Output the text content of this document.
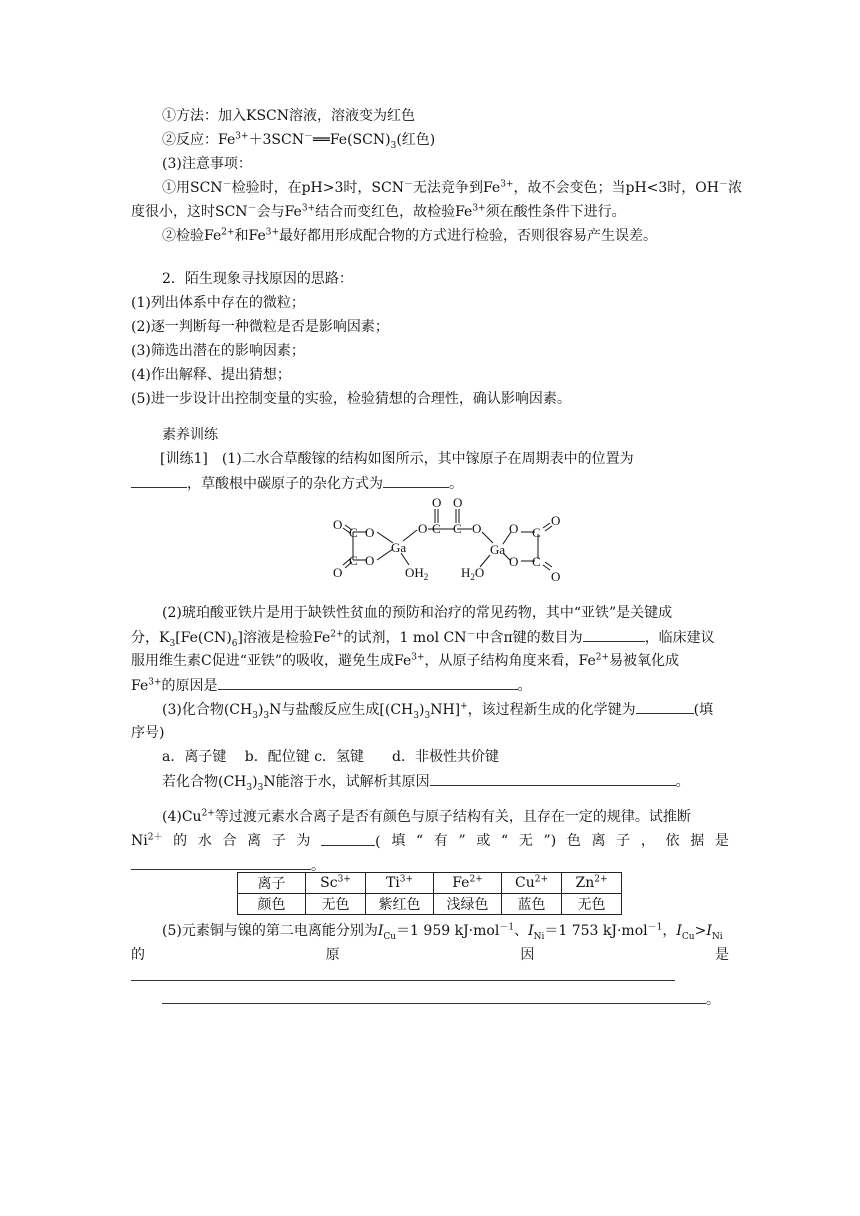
①方法：加入KSCN溶液，溶液变为红色
②反应：$Fe^{3+}+3SCN^-══Fe(SCN)_3$(红色)
(3)注意事项：
①用SCN－检验时，在pH>3时，SCN－无法竞争到$Fe^{3+}$，故不会变色；当pH<3时，OH－浓
度很小，这时SCN－会与$Fe^{3+}$结合而变红色，故检验$Fe^{3+}$须在酸性条件下进行。
②检验$Fe^{2+}$和$Fe^{3+}$最好都用形成配合物的方式进行检验，否则很容易产生误差。
2．陌生现象寻找原因的思路：
(1)列出体系中存在的微粒；
(2)逐一判断每一种微粒是否是影响因素；
(3)筛选出潜在的影响因素；
(4)作出解释、提出猜想；
(5)进一步设计出控制变量的实验，检验猜想的合理性，确认影响因素。
素养训练
[训练1]　(1)二水合草酸镓的结构如图所示，其中镓原子在周期表中的位置为
，草酸根中碳原子的杂化方式为	。
O
C O
C O
O
Ga
$OH_2$
O
O
C
O
C O
Ga
$H_2O$
O C
O C
O
O
(2)琥珀酸亚铁片是用于缺铁性贫血的预防和治疗的常见药物，其中“亚铁”是关键成
分，$K_3[Fe(CN)_6]$溶液是检验$Fe^{2+}$的试剂，1 mol CN－中含π键的数目为	，临床建议
服用维生素C促进“亚铁”的吸收，避免生成$Fe^{3+}$，从原子结构角度来看，$Fe^{2+}$易被氧化成
$Fe^{3+}$的原因是	。
(3)化合物$(CH_3)_3N$与盐酸反应生成$[(CH_3)_3NH]^+$，该过程新生成的化学键为	(填
序号)
a．离子键　 b．配位键 c．氢键　　d．非极性共价键
若化合物$(CH_3)_3N$能溶于水，试解析其原因	。
$(4)Cu^{2+}$等过渡元素水合离子是否有颜色与原子结构有关，且存在一定的规律。试推断
$Ni^{2+}$ 的 水 合 离 子 为	( 填 “ 有 ” 或 “ 无 ”) 色 离 子 ， 依 据 是
。
离子	$Sc^{3+}$	$Ti^{3+}$	$Fe^{2+}$	$Cu^{2+}$	$Zn^{2+}$
颜色	无色	紫红色	浅绿色	蓝色	无色
(5)元素铜与镍的第二电离能分别为$I_{Cu}=1$ 959 kJ·mol$^{-1}$、$I_{Ni}=1$ 753 kJ·mol$^{-1}$，$I_{Cu}>I_{Ni}$
的	原	因	是
。
